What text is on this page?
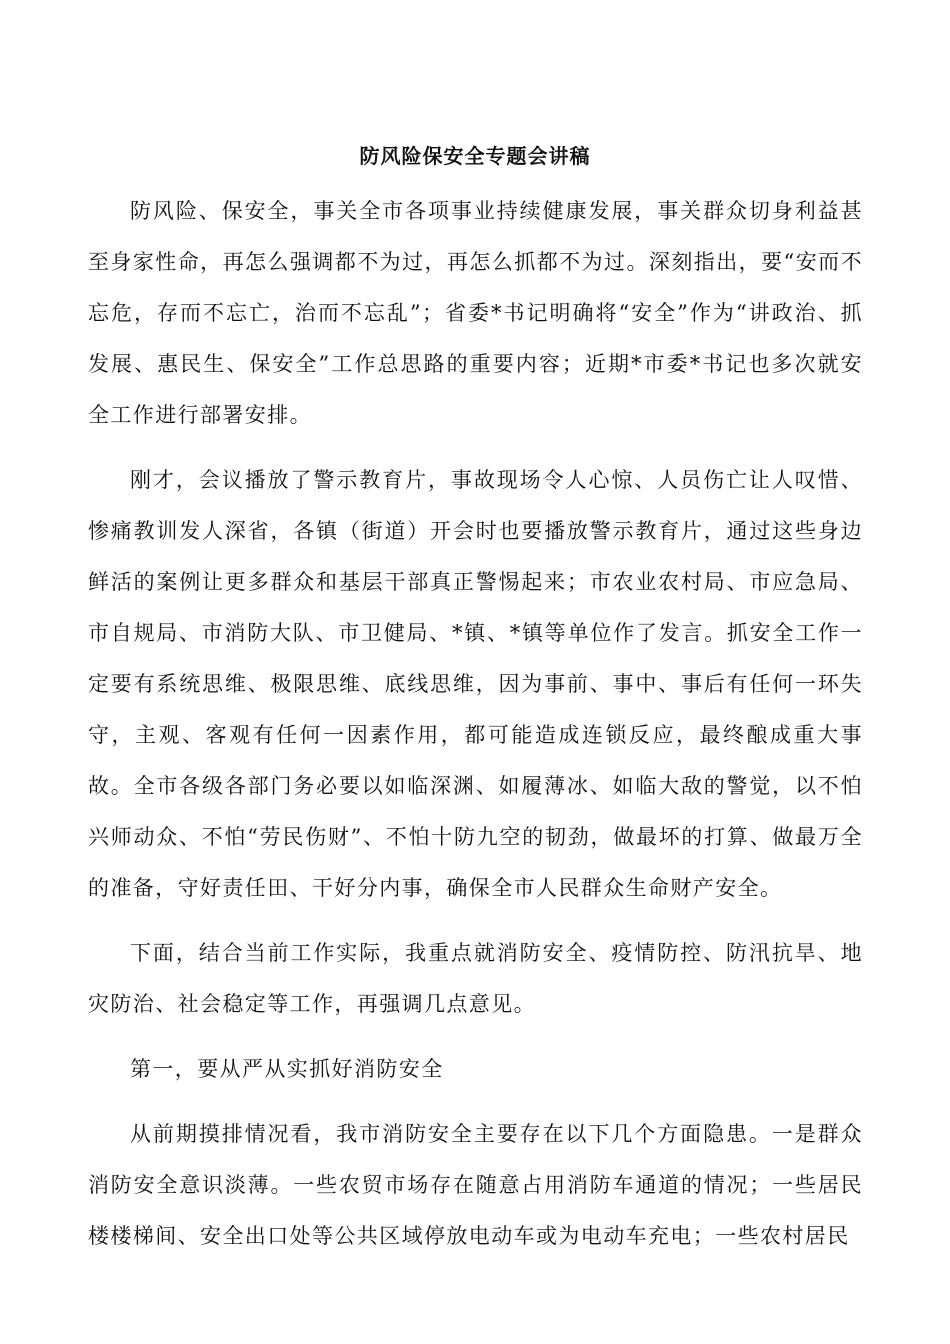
防风险保安全专题会讲稿

防风险、保安全，事关全市各项事业持续健康发展，事关群众切身利益甚至身家性命，再怎么强调都不为过，再怎么抓都不为过。深刻指出，要“安而不忘危，存而不忘亡，治而不忘乱”；省委*书记明确将“安全”作为“讲政治、抓发展、惠民生、保安全”工作总思路的重要内容；近期*市委*书记也多次就安全工作进行部署安排。

刚才，会议播放了警示教育片，事故现场令人心惊、人员伤亡让人叹惜、惨痛教训发人深省，各镇（街道）开会时也要播放警示教育片，通过这些身边鲜活的案例让更多群众和基层干部真正警惕起来；市农业农村局、市应急局、市自规局、市消防大队、市卫健局、*镇、*镇等单位作了发言。抓安全工作一定要有系统思维、极限思维、底线思维，因为事前、事中、事后有任何一环失守，主观、客观有任何一因素作用，都可能造成连锁反应，最终酿成重大事故。全市各级各部门务必要以如临深渊、如履薄冰、如临大敌的警觉，以不怕兴师动众、不怕“劳民伤财”、不怕十防九空的韧劲，做最坏的打算、做最万全的准备，守好责任田、干好分内事，确保全市人民群众生命财产安全。

下面，结合当前工作实际，我重点就消防安全、疫情防控、防汛抗旱、地灾防治、社会稳定等工作，再强调几点意见。

第一，要从严从实抓好消防安全

从前期摸排情况看，我市消防安全主要存在以下几个方面隐患。一是群众消防安全意识淡薄。一些农贸市场存在随意占用消防车通道的情况；一些居民楼楼梯间、安全出口处等公共区域停放电动车或为电动车充电；一些农村居民
